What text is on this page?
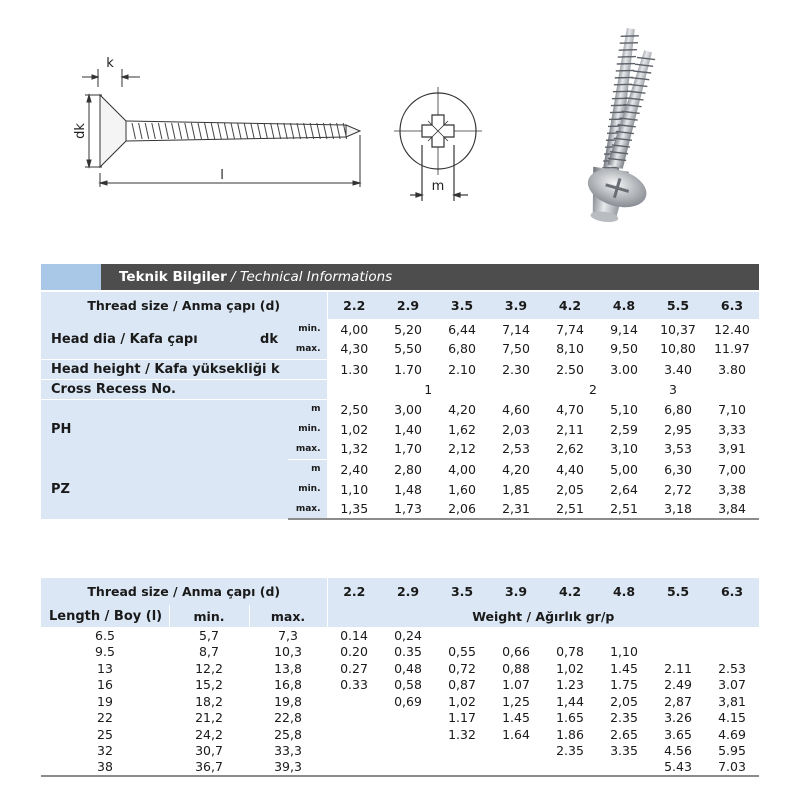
k
dk
l
m
Teknik Bilgiler / Technical Informations
Thread size / Anma çapı (d)		2.2	2.9	3.5	3.9	4.2	4.8	5.5	6.3
Head dia / Kafa çapı dk	min.	4,00	5,20	6,44	7,14	7,74	9,14	10,37	12.40
	max.	4,30	5,50	6,80	7,50	8,10	9,50	10,80	11.97
Head height / Kafa yüksekliği k		1.30	1.70	2.10	2.30	2.50	3.00	3.40	3.80
Cross Recess No.		1			2		3		
PH	m	2,50	3,00	4,20	4,60	4,70	5,10	6,80	7,10
	min.	1,02	1,40	1,62	2,03	2,11	2,59	2,95	3,33
	max.	1,32	1,70	2,12	2,53	2,62	3,10	3,53	3,91
PZ	m	2,40	2,80	4,00	4,20	4,40	5,00	6,30	7,00
	min.	1,10	1,48	1,60	1,85	2,05	2,64	2,72	3,38
	max.	1,35	1,73	2,06	2,31	2,51	2,51	3,18	3,84
Thread size / Anma çapı (d)			2.2	2.9	3.5	3.9	4.2	4.8	5.5	6.3
Length / Boy (l)	min.	max.	Weight / Ağırlık gr/p							
6.5	5,7	7,3	0.14	0,24						
9.5	8,7	10,3	0.20	0.35	0,55	0,66	0,78	1,10		
13	12,2	13,8	0.27	0,48	0,72	0,88	1,02	1.45	2.11	2.53
16	15,2	16,8	0.33	0,58	0,87	1.07	1.23	1.75	2.49	3.07
19	18,2	19,8		0,69	1,02	1,25	1,44	2,05	2,87	3,81
22	21,2	22,8			1.17	1.45	1.65	2.35	3.26	4.15
25	24,2	25,8			1.32	1.64	1.86	2.65	3.65	4.69
32	30,7	33,3					2.35	3.35	4.56	5.95
38	36,7	39,3							5.43	7.03
